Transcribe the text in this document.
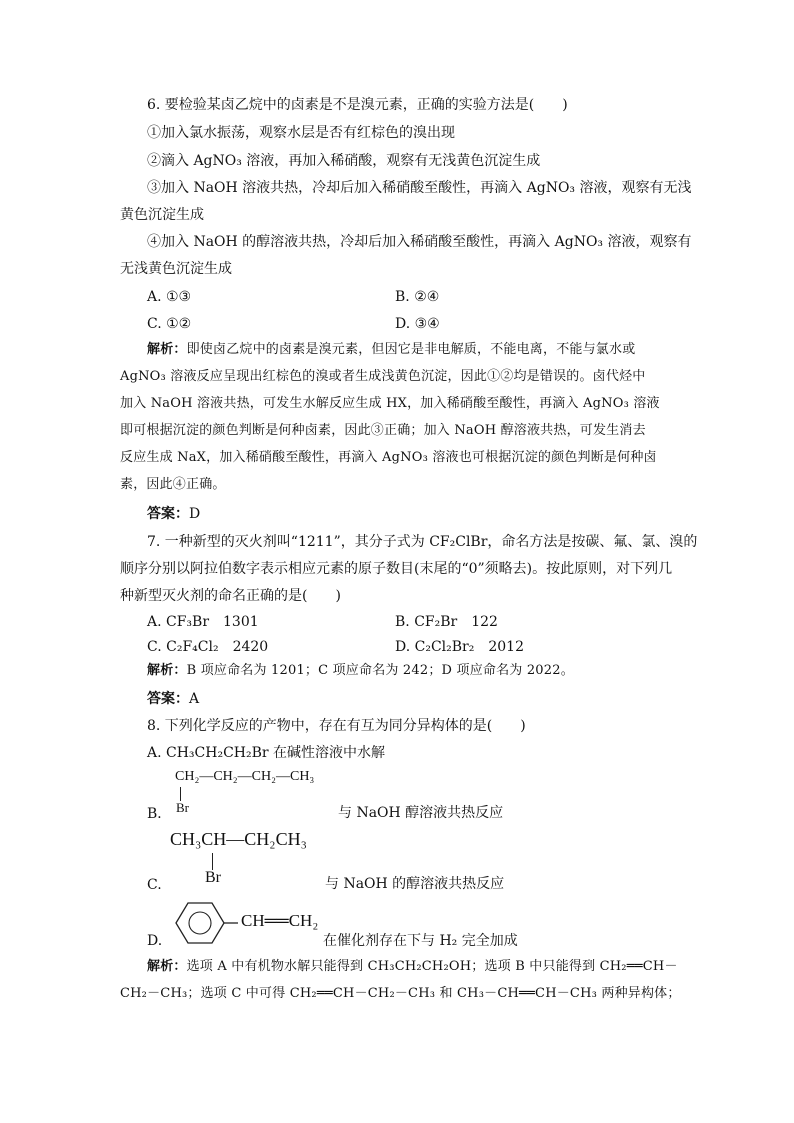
6. 要检验某卤乙烷中的卤素是不是溴元素，正确的实验方法是(　　)
①加入氯水振荡，观察水层是否有红棕色的溴出现
②滴入 AgNO₃ 溶液，再加入稀硝酸，观察有无浅黄色沉淀生成
③加入 NaOH 溶液共热，冷却后加入稀硝酸至酸性，再滴入 AgNO₃ 溶液，观察有无浅
黄色沉淀生成
④加入 NaOH 的醇溶液共热，冷却后加入稀硝酸至酸性，再滴入 AgNO₃ 溶液，观察有
无浅黄色沉淀生成
A. ①③	B. ②④
C. ①②	D. ③④
解析：即使卤乙烷中的卤素是溴元素，但因它是非电解质，不能电离，不能与氯水或
AgNO₃ 溶液反应呈现出红棕色的溴或者生成浅黄色沉淀，因此①②均是错误的。卤代烃中
加入 NaOH 溶液共热，可发生水解反应生成 HX，加入稀硝酸至酸性，再滴入 AgNO₃ 溶液
即可根据沉淀的颜色判断是何种卤素，因此③正确；加入 NaOH 醇溶液共热，可发生消去
反应生成 NaX，加入稀硝酸至酸性，再滴入 AgNO₃ 溶液也可根据沉淀的颜色判断是何种卤
素，因此④正确。
答案：D
7. 一种新型的灭火剂叫“1211”，其分子式为 CF₂ClBr，命名方法是按碳、氟、氯、溴的
顺序分别以阿拉伯数字表示相应元素的原子数目(末尾的“0”须略去)。按此原则，对下列几
种新型灭火剂的命名正确的是(　　)
A. CF₃Br　1301	B. CF₂Br　122
C. C₂F₄Cl₂　2420	D. C₂Cl₂Br₂　2012
解析：B 项应命名为 1201；C 项应命名为 242；D 项应命名为 2022。
答案：A
8. 下列化学反应的产物中，存在有互为同分异构体的是(　　)
A. CH₃CH₂CH₂Br 在碱性溶液中水解
CH₂—CH₂—CH₂—CH₃
Br
B．	与 NaOH 醇溶液共热反应
CH₃CH—CH₂CH₃
Br
C.	与 NaOH 的醇溶液共热反应
D.
CH══CH₂
在催化剂存在下与 H₂ 完全加成
解析：选项 A 中有机物水解只能得到 CH₃CH₂CH₂OH；选项 B 中只能得到 CH₂══CH－
CH₂－CH₃；选项 C 中可得 CH₂══CH－CH₂－CH₃ 和 CH₃－CH══CH－CH₃ 两种异构体；
